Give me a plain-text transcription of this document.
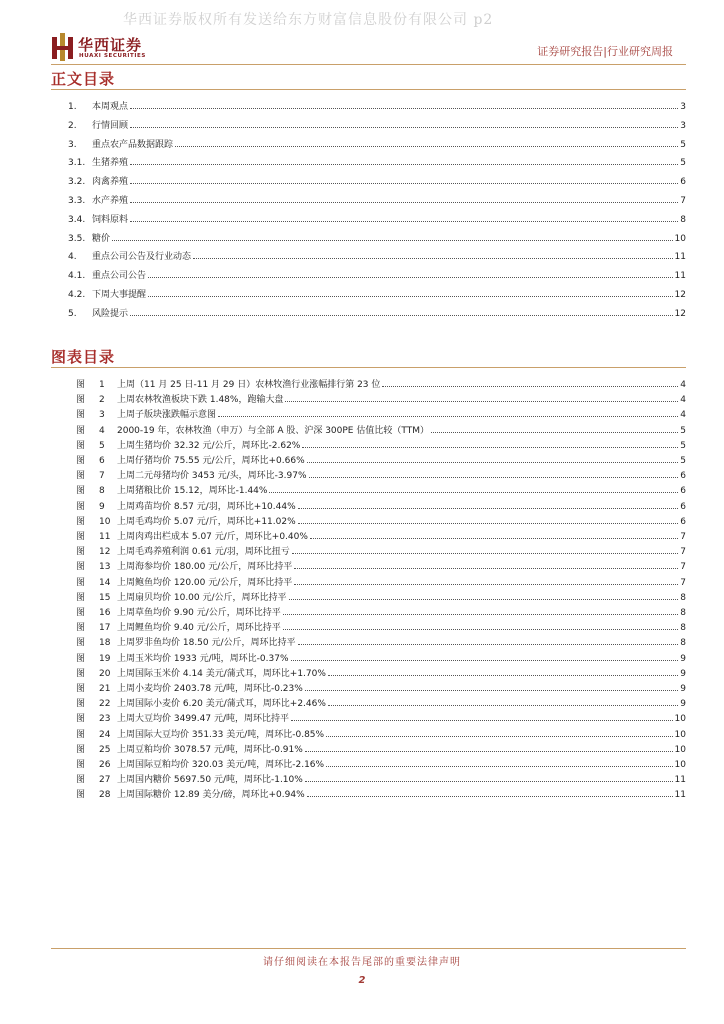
华西证券版权所有发送给东方财富信息股份有限公司 p2
华西证券
HUAXI SECURITIES	证券研究报告|行业研究周报
正文目录
1.	本周观点	3
2.	行情回顾	3
3.	重点农产品数据跟踪	5
3.1. 生猪养殖	5
3.2. 肉禽养殖	6
3.3. 水产养殖	7
3.4. 饲料原料	8
3.5. 糖价	10
4.	重点公司公告及行业动态	11
4.1. 重点公司公告	11
4.2. 下周大事提醒	12
5.	风险提示	12
图表目录
图	1	上周（11 月 25 日-11 月 29 日）农林牧渔行业涨幅排行第 23 位	4
图	2	上周农林牧渔板块下跌 1.48%，跑输大盘	4
图	3	上周子版块涨跌幅示意图	4
图	4	2000-19 年，农林牧渔（申万）与全部 A 股、沪深 300PE 估值比较（TTM）	5
图	5	上周生猪均价 32.32 元/公斤，周环比-2.62%	5
图	6	上周仔猪均价 75.55 元/公斤，周环比+0.66%	5
图	7	上周二元母猪均价 3453 元/头，周环比-3.97%	6
图	8	上周猪粮比价 15.12，周环比-1.44%	6
图	9	上周鸡苗均价 8.57 元/羽，周环比+10.44%	6
图	10 上周毛鸡均价 5.07 元/斤，周环比+11.02%	6
图	11 上周肉鸡出栏成本 5.07 元/斤，周环比+0.40%	7
图	12 上周毛鸡养殖利润 0.61 元/羽，周环比扭亏	7
图	13 上周海参均价 180.00 元/公斤，周环比持平	7
图	14 上周鲍鱼均价 120.00 元/公斤，周环比持平	7
图	15 上周扇贝均价 10.00 元/公斤，周环比持平	8
图	16 上周草鱼均价 9.90 元/公斤，周环比持平	8
图	17 上周鲤鱼均价 9.40 元/公斤，周环比持平	8
图	18 上周罗非鱼均价 18.50 元/公斤，周环比持平	8
图	19 上周玉米均价 1933 元/吨，周环比-0.37%	9
图	20 上周国际玉米价 4.14 美元/蒲式耳，周环比+1.70%	9
图	21 上周小麦均价 2403.78 元/吨，周环比-0.23%	9
图	22 上周国际小麦价 6.20 美元/蒲式耳，周环比+2.46%	9
图	23 上周大豆均价 3499.47 元/吨，周环比持平	10
图	24 上周国际大豆均价 351.33 美元/吨，周环比-0.85%	10
图	25 上周豆粕均价 3078.57 元/吨，周环比-0.91%	10
图	26 上周国际豆粕均价 320.03 美元/吨，周环比-2.16%	10
图	27 上周国内糖价 5697.50 元/吨，周环比-1.10%	11
图	28 上周国际糖价 12.89 美分/磅，周环比+0.94%	11
请仔细阅读在本报告尾部的重要法律声明
2
